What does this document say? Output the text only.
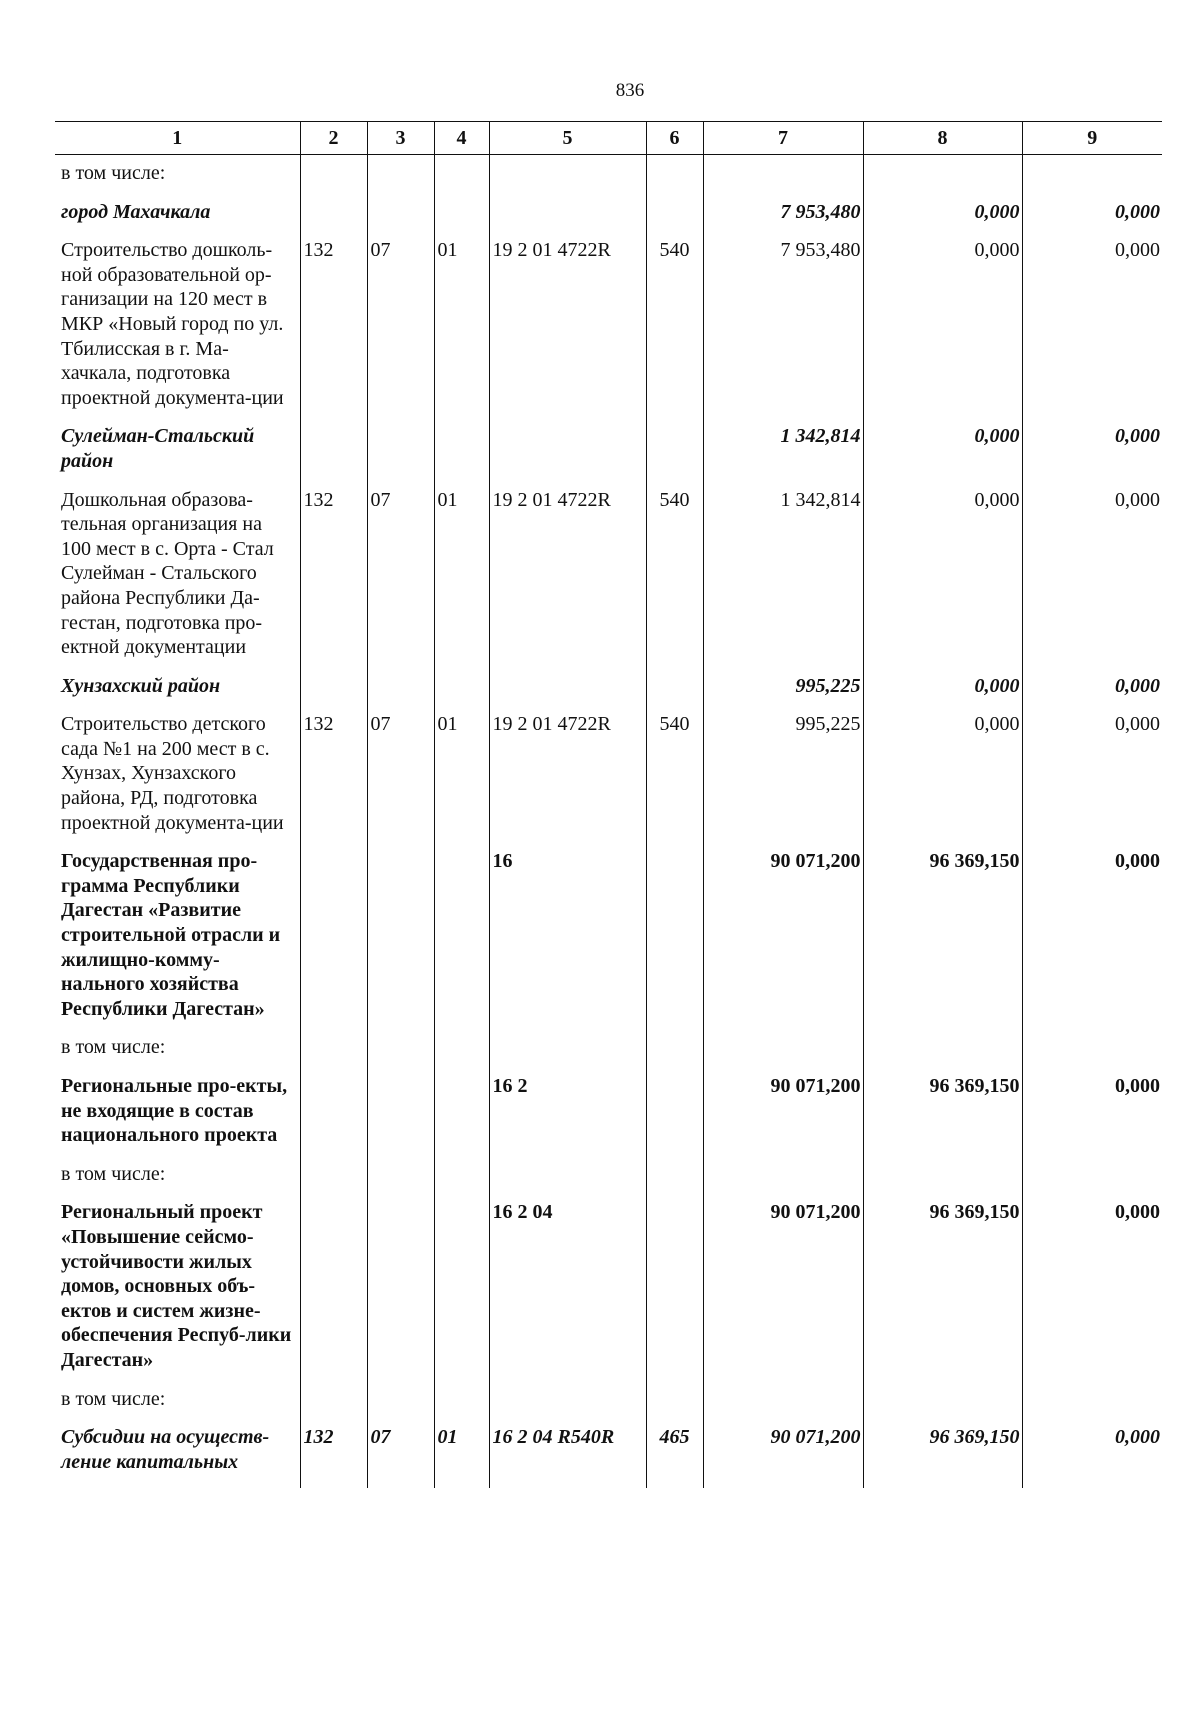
836
1	2	3	4	5	6	7	8	9
в том числе:								
город Махачкала						7 953,480	0,000	0,000
Строительство дошколь-ной образовательной ор-ганизации на 120 мест в МКР «Новый город по ул. Тбилисская в г. Ма-хачкала, подготовка проектной документа-ции	132	07	01	19 2 01 4722R	540	7 953,480	0,000	0,000
Сулейман-Стальский район						1 342,814	0,000	0,000
Дошкольная образова-тельная организация на 100 мест в с. Орта - Стал Сулейман - Стальского района Республики Да-гестан, подготовка про-ектной документации	132	07	01	19 2 01 4722R	540	1 342,814	0,000	0,000
Хунзахский район						995,225	0,000	0,000
Строительство детского сада №1 на 200 мест в с. Хунзах, Хунзахского района, РД, подготовка проектной документа-ции	132	07	01	19 2 01 4722R	540	995,225	0,000	0,000
Государственная про-грамма Республики Дагестан «Развитие строительной отрасли и жилищно-комму-нального хозяйства Республики Дагестан»				16		90 071,200	96 369,150	0,000
в том числе:								
Региональные про-екты, не входящие в состав национального проекта				16 2		90 071,200	96 369,150	0,000
в том числе:								
Региональный проект «Повышение сейсмо-устойчивости жилых домов, основных объ-ектов и систем жизне-обеспечения Респуб-лики Дагестан»				16 2 04		90 071,200	96 369,150	0,000
в том числе:								
Субсидии на осуществ-ление капитальных	132	07	01	16 2 04 R540R	465	90 071,200	96 369,150	0,000
